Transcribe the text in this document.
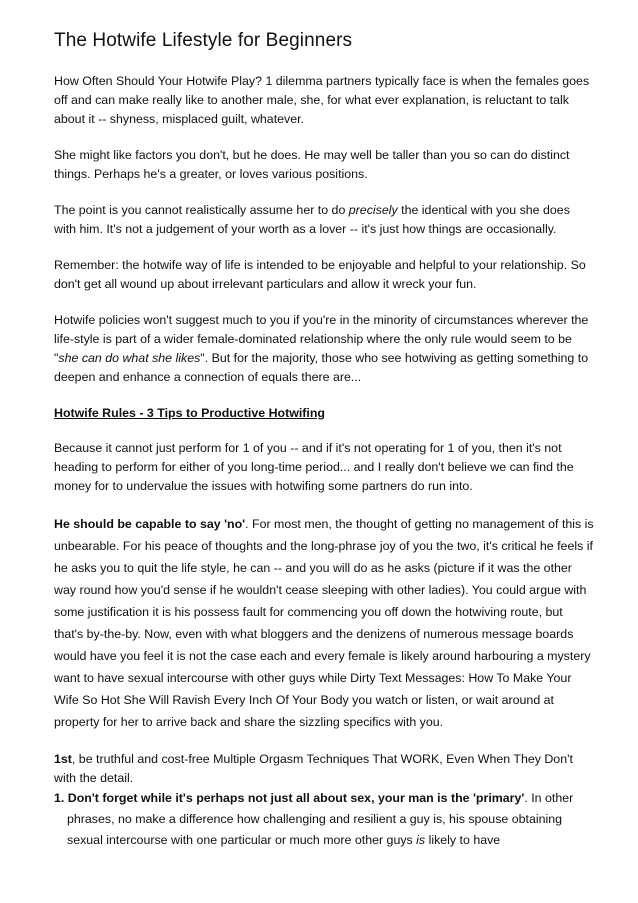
The Hotwife Lifestyle for Beginners
How Often Should Your Hotwife Play? 1 dilemma partners typically face is when the females goes off and can make really like to another male, she, for what ever explanation, is reluctant to talk about it -- shyness, misplaced guilt, whatever.
She might like factors you don't, but he does. He may well be taller than you so can do distinct things. Perhaps he's a greater, or loves various positions.
The point is you cannot realistically assume her to do precisely the identical with you she does with him. It's not a judgement of your worth as a lover -- it's just how things are occasionally.
Remember: the hotwife way of life is intended to be enjoyable and helpful to your relationship. So don't get all wound up about irrelevant particulars and allow it wreck your fun.
Hotwife policies won't suggest much to you if you're in the minority of circumstances wherever the life-style is part of a wider female-dominated relationship where the only rule would seem to be "she can do what she likes". But for the majority, those who see hotwiving as getting something to deepen and enhance a connection of equals there are...
Hotwife Rules - 3 Tips to Productive Hotwifing
Because it cannot just perform for 1 of you -- and if it's not operating for 1 of you, then it's not heading to perform for either of you long-time period... and I really don't believe we can find the money for to undervalue the issues with hotwifing some partners do run into.
He should be capable to say 'no'. For most men, the thought of getting no management of this is unbearable. For his peace of thoughts and the long-phrase joy of you the two, it's critical he feels if he asks you to quit the life style, he can -- and you will do as he asks (picture if it was the other way round how you'd sense if he wouldn't cease sleeping with other ladies). You could argue with some justification it is his possess fault for commencing you off down the hotwiving route, but that's by-the-by. Now, even with what bloggers and the denizens of numerous message boards would have you feel it is not the case each and every female is likely around harbouring a mystery want to have sexual intercourse with other guys while Dirty Text Messages: How To Make Your Wife So Hot She Will Ravish Every Inch Of Your Body you watch or listen, or wait around at property for her to arrive back and share the sizzling specifics with you.
1st, be truthful and cost-free Multiple Orgasm Techniques That WORK, Even When They Don't with the detail.
1. Don't forget while it's perhaps not just all about sex, your man is the 'primary'. In other phrases, no make a difference how challenging and resilient a guy is, his spouse obtaining sexual intercourse with one particular or much more other guys is likely to have
